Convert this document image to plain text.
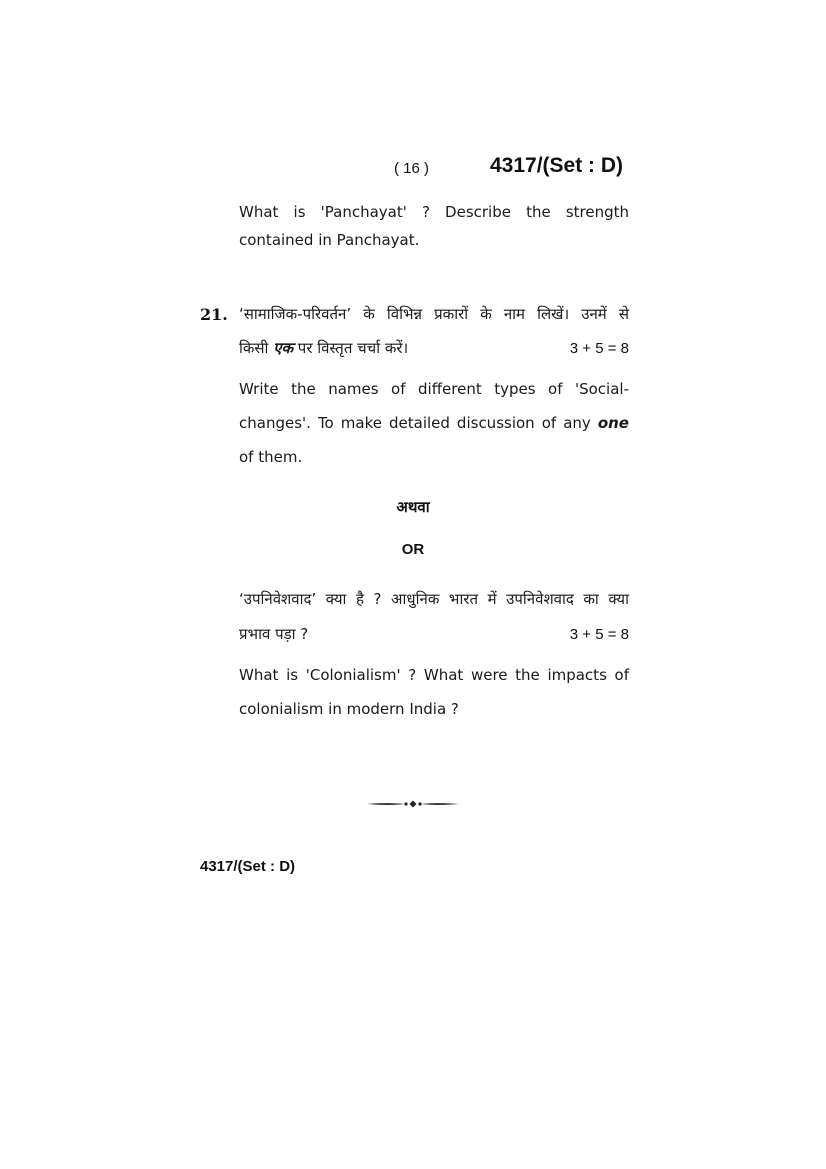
( 16 )	4317/(Set : D)
What is 'Panchayat' ? Describe the strength
contained in Panchayat.
21. ‘सामाजिक-परिवर्तन’ के विभिन्न प्रकारों के नाम लिखें। उनमें से
किसी एक पर विस्तृत चर्चा करें।	3 + 5 = 8
Write the names of different types of 'Social-
changes'. To make detailed discussion of any one
of them.
अथवा
OR
‘उपनिवेशवाद’ क्या है ? आधुनिक भारत में उपनिवेशवाद का क्या
प्रभाव पड़ा ?	3 + 5 = 8
What is 'Colonialism' ? What were the impacts of
colonialism in modern India ?
4317/(Set : D)
